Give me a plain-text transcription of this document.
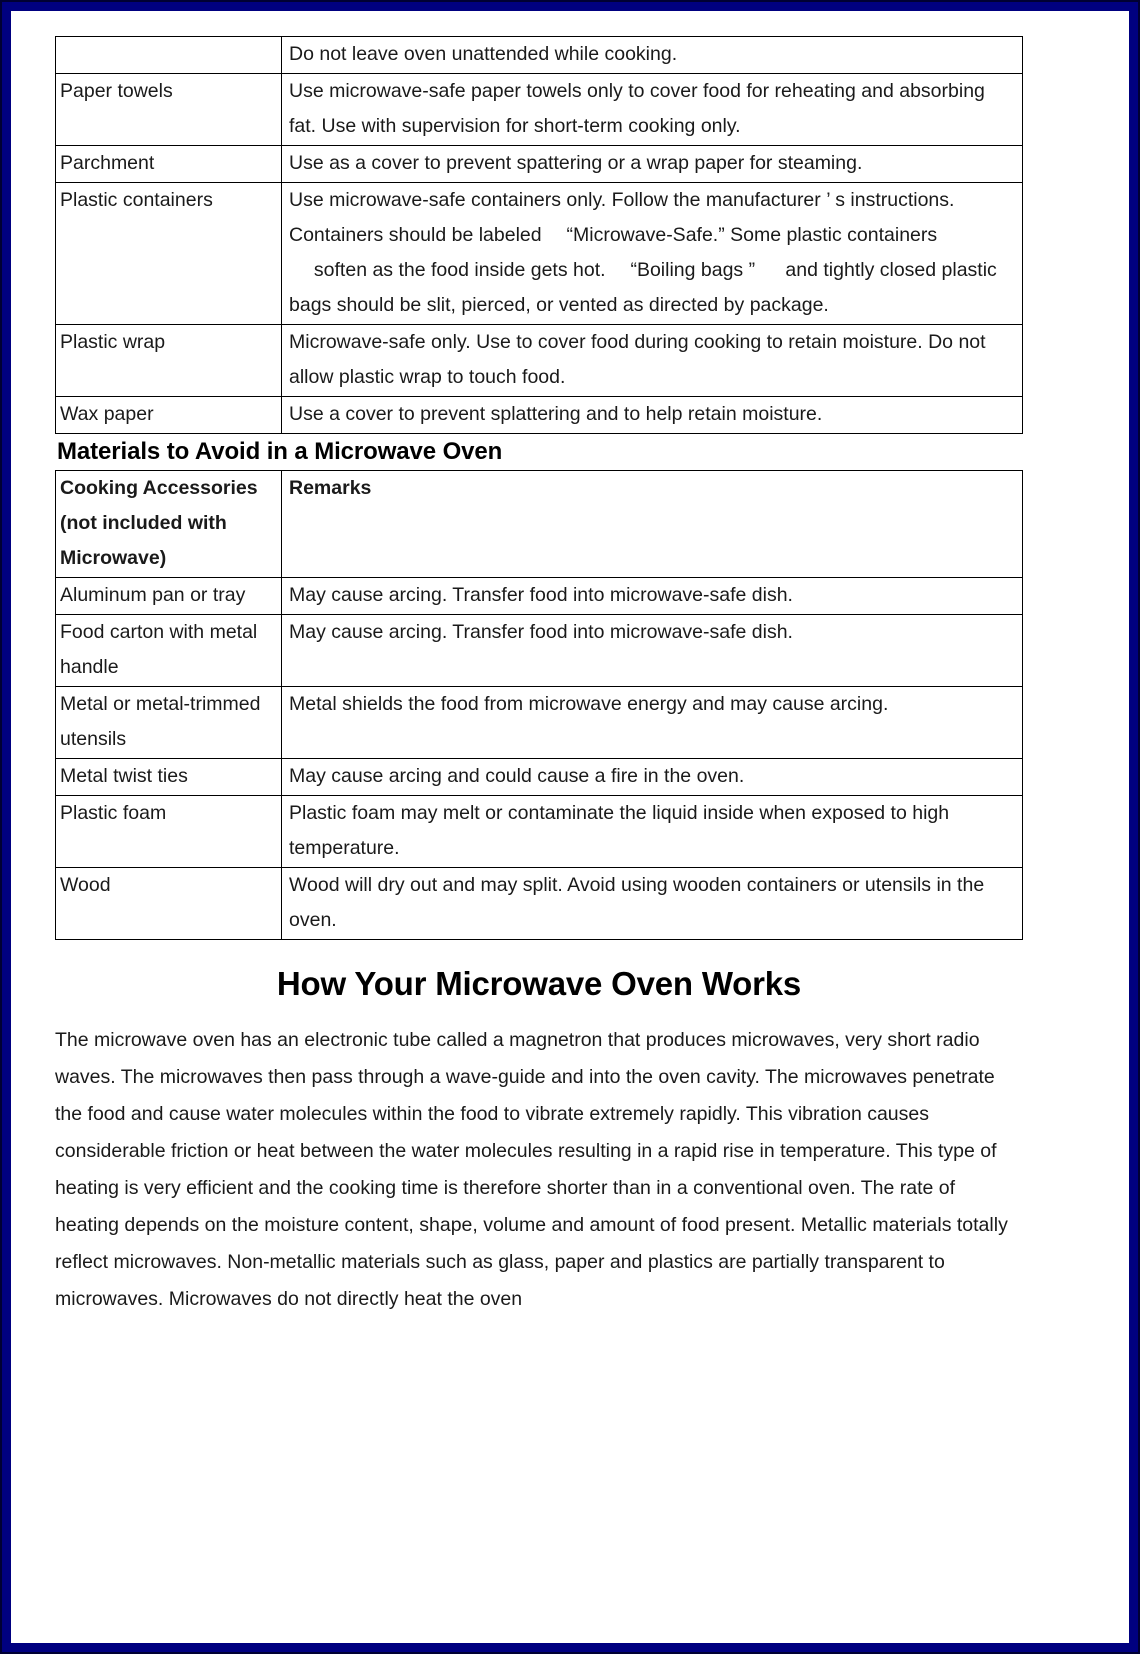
	Do not leave oven unattended while cooking.
Paper towels	Use microwave-safe paper towels only to cover food for reheating and absorbing fat. Use with supervision for short-term cooking only.
Parchment	Use as a cover to prevent spattering or a wrap paper for steaming.
Plastic containers	Use microwave-safe containers only. Follow the manufacturer ’ s instructions. Containers should be labeled 　“Microwave-Safe.” Some plastic containers 　 soften as the food inside gets hot. 　“Boiling bags ” 　 and tightly closed plastic bags should be slit, pierced, or vented as directed by package.
Plastic wrap	Microwave-safe only. Use to cover food during cooking to retain moisture. Do not allow plastic wrap to touch food.
Wax paper	Use a cover to prevent splattering and to help retain moisture.
Materials to Avoid in a Microwave Oven
Cooking Accessories (not included with Microwave)	Remarks
Aluminum pan or tray	May cause arcing. Transfer food into microwave-safe dish.
Food carton with metal handle	May cause arcing. Transfer food into microwave-safe dish.
Metal or metal-trimmed utensils	Metal shields the food from microwave energy and may cause arcing.
Metal twist ties	May cause arcing and could cause a fire in the oven.
Plastic foam	Plastic foam may melt or contaminate the liquid inside when exposed to high temperature.
Wood	Wood will dry out and may split. Avoid using wooden containers or utensils in the oven.
How Your Microwave Oven Works

The microwave oven has an electronic tube called a magnetron that produces microwaves, very short radio waves. The microwaves then pass through a wave-guide and into the oven cavity. The microwaves penetrate the food and cause water molecules within the food to vibrate extremely rapidly. This vibration causes considerable friction or heat between the water molecules resulting in a rapid rise in temperature. This type of heating is very efficient and the cooking time is therefore shorter than in a conventional oven. The rate of heating depends on the moisture content, shape, volume and amount of food present. Metallic materials totally reflect microwaves. Non-metallic materials such as glass, paper and plastics are partially transparent to microwaves. Microwaves do not directly heat the oven
